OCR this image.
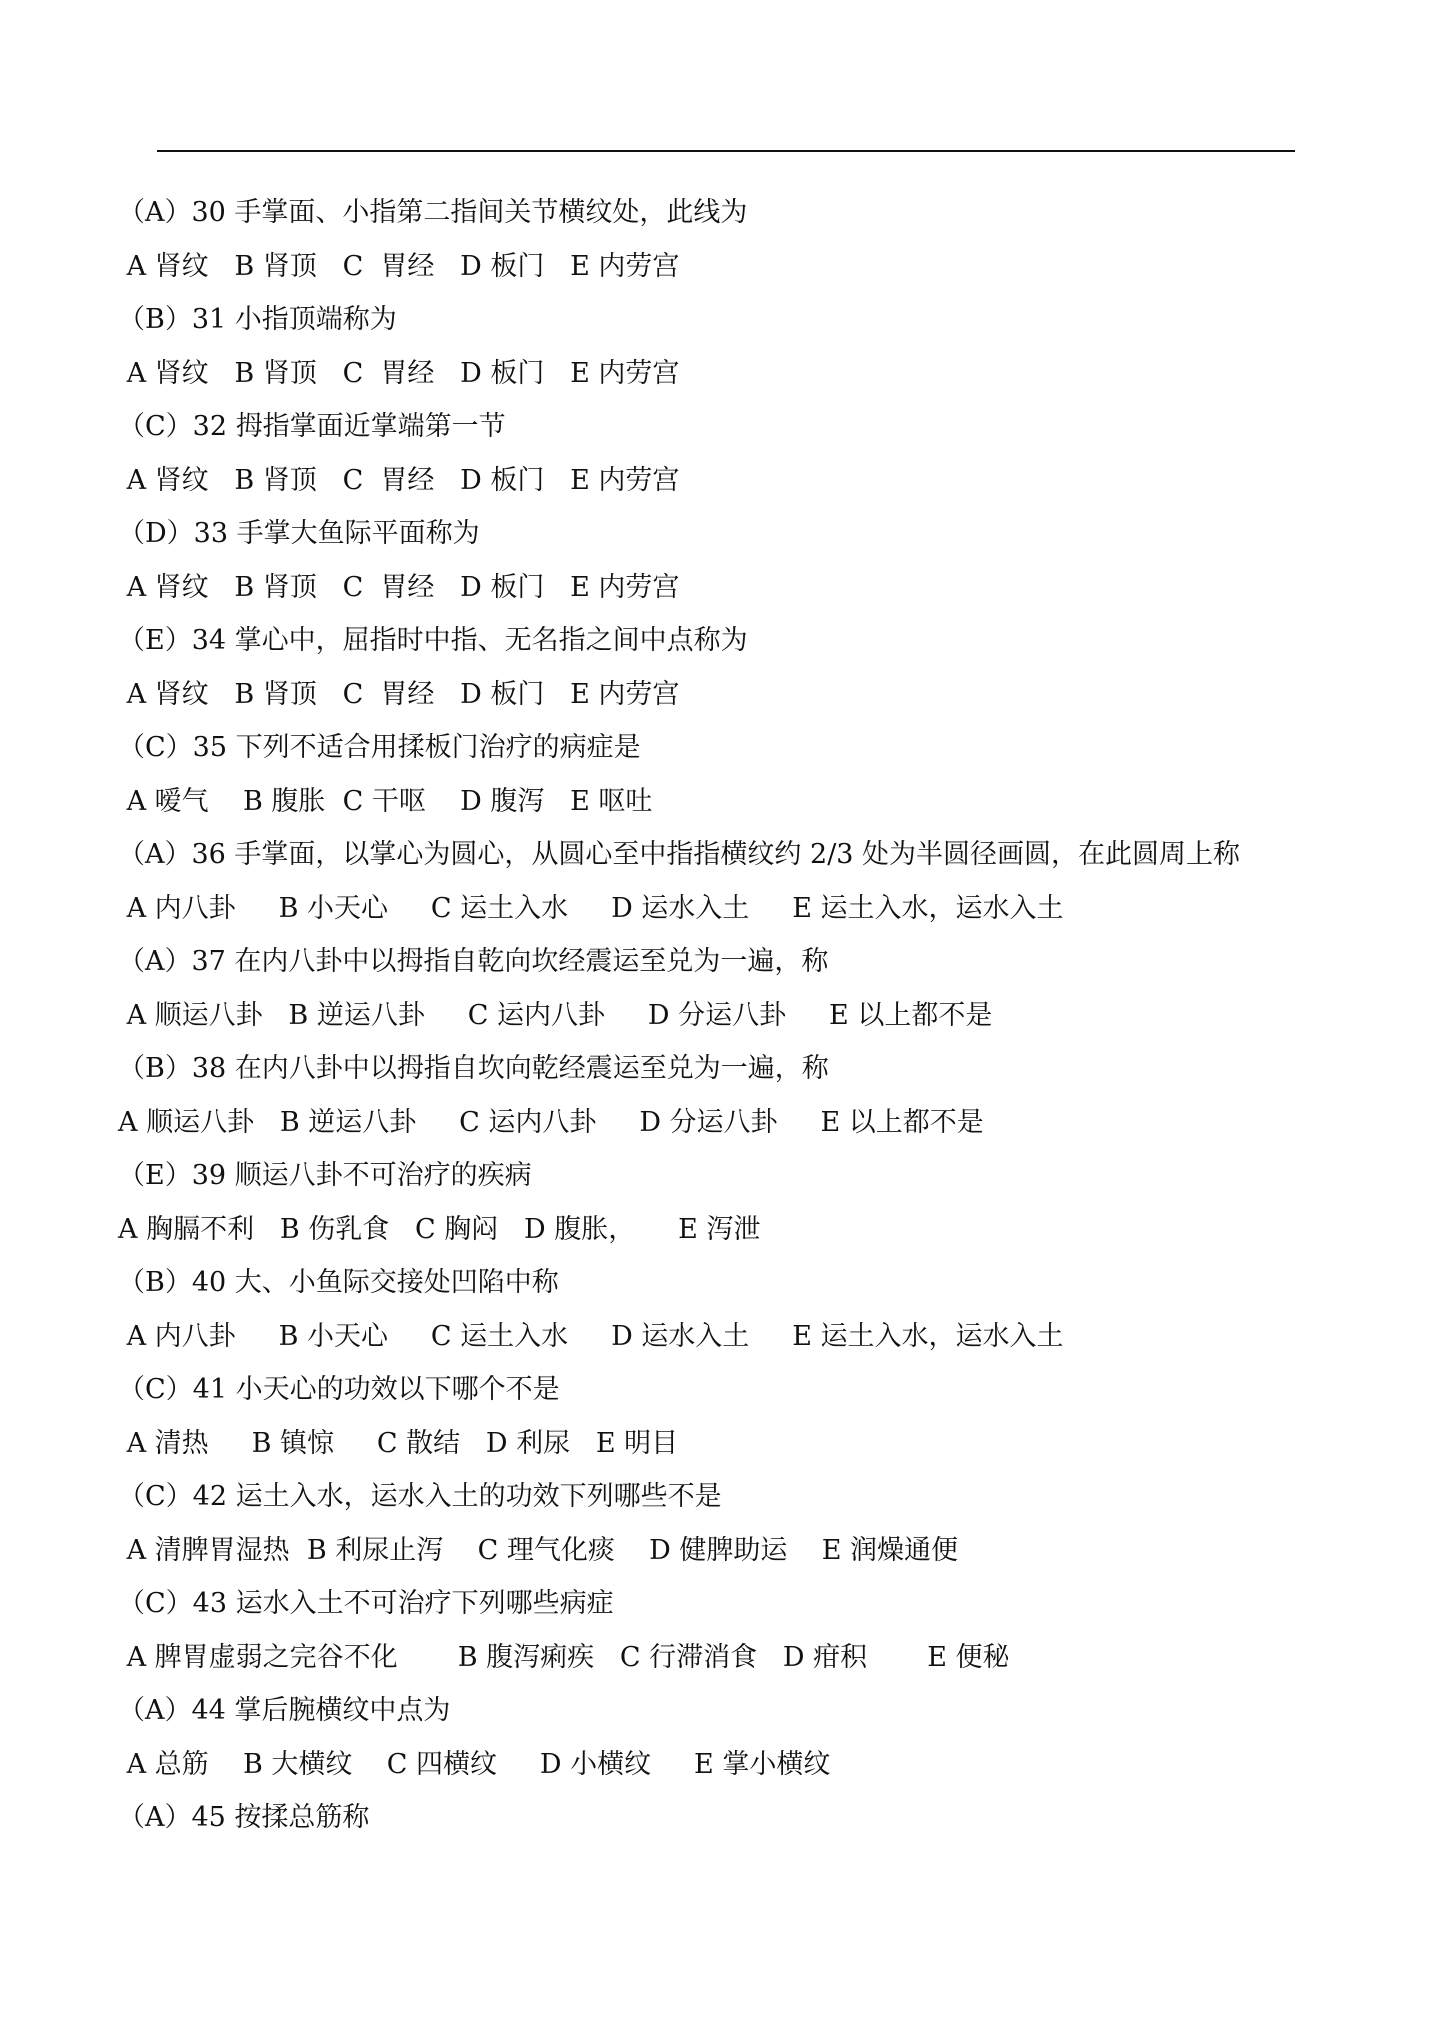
（A）30 手掌面、小指第二指间关节横纹处，此线为
A 肾纹   B 肾顶   C  胃经   D 板门   E 内劳宫
（B）31 小指顶端称为
A 肾纹   B 肾顶   C  胃经   D 板门   E 内劳宫
（C）32 拇指掌面近掌端第一节
A 肾纹   B 肾顶   C  胃经   D 板门   E 内劳宫
（D）33 手掌大鱼际平面称为
A 肾纹   B 肾顶   C  胃经   D 板门   E 内劳宫
（E）34 掌心中，屈指时中指、无名指之间中点称为
A 肾纹   B 肾顶   C  胃经   D 板门   E 内劳宫
（C）35 下列不适合用揉板门治疗的病症是
A 嗳气    B 腹胀  C 干呕    D 腹泻   E 呕吐
（A）36 手掌面，以掌心为圆心，从圆心至中指指横纹约 2/3 处为半圆径画圆，在此圆周上称
A 内八卦     B 小天心     C 运土入水     D 运水入土     E 运土入水，运水入土
（A）37 在内八卦中以拇指自乾向坎经震运至兑为一遍，称
A 顺运八卦   B 逆运八卦     C 运内八卦     D 分运八卦     E 以上都不是
（B）38 在内八卦中以拇指自坎向乾经震运至兑为一遍，称
A 顺运八卦   B 逆运八卦     C 运内八卦     D 分运八卦     E 以上都不是
（E）39 顺运八卦不可治疗的疾病
A 胸膈不利   B 伤乳食   C 胸闷   D 腹胀，     E 泻泄
（B）40 大、小鱼际交接处凹陷中称
A 内八卦     B 小天心     C 运土入水     D 运水入土     E 运土入水，运水入土
（C）41 小天心的功效以下哪个不是
A 清热     B 镇惊     C 散结   D 利尿   E 明目
（C）42 运土入水，运水入土的功效下列哪些不是
A 清脾胃湿热  B 利尿止泻    C 理气化痰    D 健脾助运    E 润燥通便
（C）43 运水入土不可治疗下列哪些病症
A 脾胃虚弱之完谷不化       B 腹泻痢疾   C 行滞消食   D 疳积       E 便秘
（A）44 掌后腕横纹中点为
A 总筋    B 大横纹    C 四横纹     D 小横纹     E 掌小横纹
（A）45 按揉总筋称
